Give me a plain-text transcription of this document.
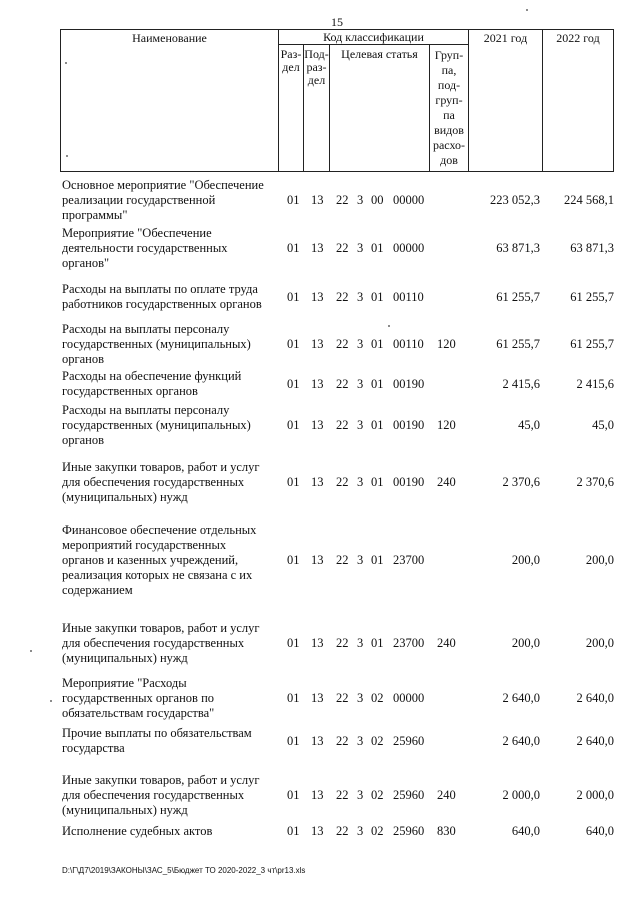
15
Наименование	Код классификации
Раз-
дел
Под-
раз-
дел
Целевая статья	Груп-
па,
под-
груп-
па
видов
расхо-
дов
2021 год	2022 год
Основное мероприятие "Обеспечение
реализации государственной
программы"
01 13 22 3 00 00000	223 052,3	224 568,1
Мероприятие "Обеспечение
деятельности государственных
органов"
01 13 22 3 01 00000	63 871,3	63 871,3
Расходы на выплаты по оплате труда
работников государственных органов	01 13 22 3 01 00110	61 255,7	61 255,7
Расходы на выплаты персоналу
государственных (муниципальных)
органов
01 13 22 3 01 00110 120	61 255,7	61 255,7
Расходы на обеспечение функций
государственных органов	01 13 22 3 01 00190	2 415,6	2 415,6
Расходы на выплаты персоналу
государственных (муниципальных)
органов
01 13 22 3 01 00190 120	45,0	45,0
Иные закупки товаров, работ и услуг
для обеспечения государственных
(муниципальных) нужд
01 13 22 3 01 00190 240	2 370,6	2 370,6
Финансовое обеспечение отдельных
мероприятий государственных
органов и казенных учреждений,
реализация которых не связана с их
содержанием
01 13 22 3 01 23700	200,0	200,0
Иные закупки товаров, работ и услуг
для обеспечения государственных
(муниципальных) нужд
01 13 22 3 01 23700 240	200,0	200,0
Мероприятие "Расходы
государственных органов по
обязательствам государства"
01 13 22 3 02 00000	2 640,0	2 640,0
Прочие выплаты по обязательствам
государства	01 13 22 3 02 25960	2 640,0	2 640,0
Иные закупки товаров, работ и услуг
для обеспечения государственных
(муниципальных) нужд
01 13 22 3 02 25960 240	2 000,0	2 000,0
Исполнение судебных актов	01 13 22 3 02 25960 830	640,0	640,0
D:\Г\Д7\2019\ЗАКОНЫ\ЗАС_5\Бюджет ТО 2020-2022_3 чт\pr13.xls
